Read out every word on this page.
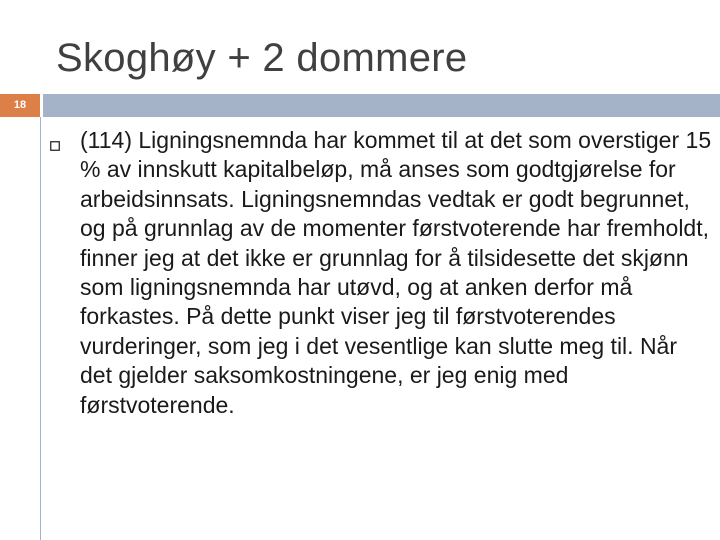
Skoghøy + 2 dommere
18

(114) Ligningsnemnda har kommet til at det som overstiger 15 % av innskutt kapitalbeløp, må anses som godtgjørelse for arbeidsinnsats. Ligningsnemndas vedtak er godt begrunnet, og på grunnlag av de momenter førstvoterende har fremholdt, finner jeg at det ikke er grunnlag for å tilsidesette det skjønn som ligningsnemnda har utøvd, og at anken derfor må forkastes. På dette punkt viser jeg til førstvoterendes vurderinger, som jeg i det vesentlige kan slutte meg til. Når det gjelder saksomkostningene, er jeg enig med førstvoterende.
